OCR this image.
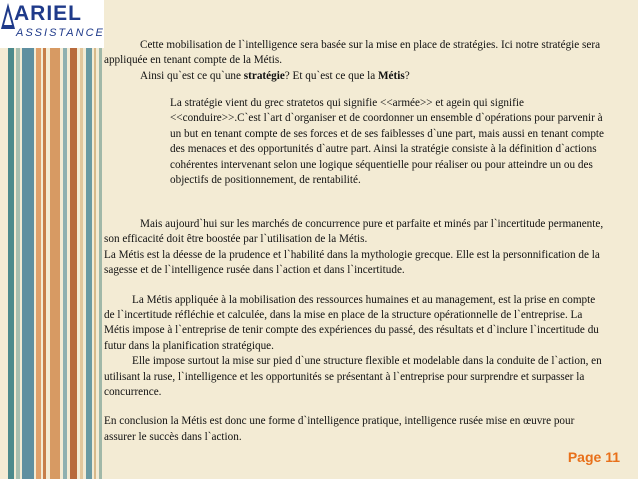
ARIEL
ASSISTANCE

Cette mobilisation de l`intelligence sera basée sur la mise en place de stratégies. Ici notre stratégie sera appliquée en tenant compte de la Métis.

Ainsi qu`est ce qu`une stratégie? Et qu`est ce que la Métis?

La stratégie vient du grec stratetos qui signifie <<armée>> et agein qui signifie <<conduire>>.C`est l`art d`organiser et de coordonner un ensemble d`opérations pour parvenir à un but en tenant compte de ses forces et de ses faiblesses d`une part, mais aussi en tenant compte des menaces et des opportunités d`autre part. Ainsi la stratégie consiste à la définition d`actions cohérentes intervenant selon une logique séquentielle pour réaliser ou pour atteindre un ou des objectifs de positionnement, de rentabilité.

Mais aujourd`hui sur les marchés de concurrence pure et parfaite et minés par l`incertitude permanente, son efficacité doit être boostée par l`utilisation de la Métis.

La Métis est la déesse de la prudence et l`habilité dans la mythologie grecque. Elle est la personnification de la sagesse et de l`intelligence rusée dans l`action et dans l`incertitude.

La Métis appliquée à la mobilisation des ressources humaines et au management, est la prise en compte de l`incertitude réfléchie et calculée, dans la mise en place de la structure opérationnelle de l`entreprise. La Métis impose à l`entreprise de tenir compte des expériences du passé, des résultats et d`inclure l`incertitude du futur dans la planification stratégique.

Elle impose surtout la mise sur pied d`une structure flexible et modelable dans la conduite de l`action, en utilisant la ruse, l`intelligence et les opportunités se présentant à l`entreprise pour surprendre et surpasser la concurrence.

En conclusion la Métis est donc une forme d`intelligence pratique, intelligence rusée mise en œuvre pour assurer le succès dans l`action.

Page 11
